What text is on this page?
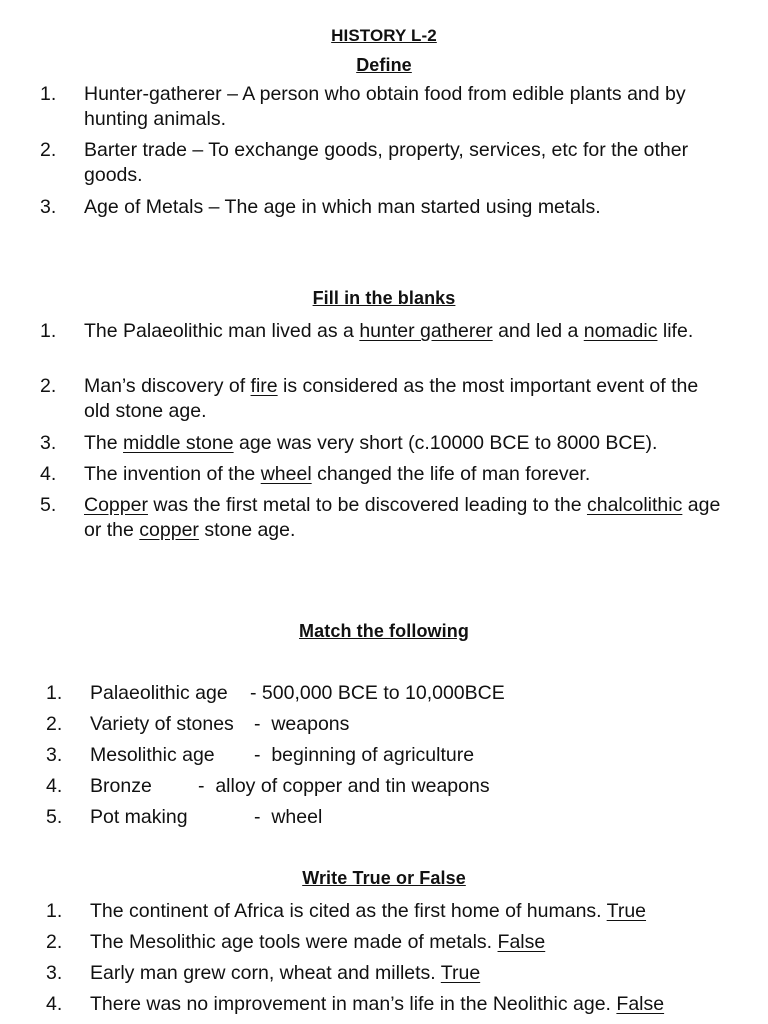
HISTORY L-2
Define
1. Hunter-gatherer – A person who obtain food from edible plants and by hunting animals.
2. Barter trade – To exchange goods, property, services, etc for the other goods.
3. Age of Metals – The age in which man started using metals.
Fill in the blanks
1. The Palaeolithic man lived as a hunter gatherer and led a nomadic life.
2. Man’s discovery of fire is considered as the most important event of the old stone age.
3. The middle stone age was very short (c.10000 BCE to 8000 BCE).
4. The invention of the wheel changed the life of man forever.
5. Copper was the first metal to be discovered leading to the chalcolithic age or the copper stone age.
Match the following
1. Palaeolithic age - 500,000 BCE to 10,000BCE
2. Variety of stones -  weapons
3. Mesolithic age -  beginning of agriculture
4. Bronze -  alloy of copper and tin weapons
5. Pot making	-  wheel
Write True or False
1. The continent of Africa is cited as the first home of humans. True
2. The Mesolithic age tools were made of metals. False
3. Early man grew corn, wheat and millets. True
4. There was no improvement in man’s life in the Neolithic age. False
